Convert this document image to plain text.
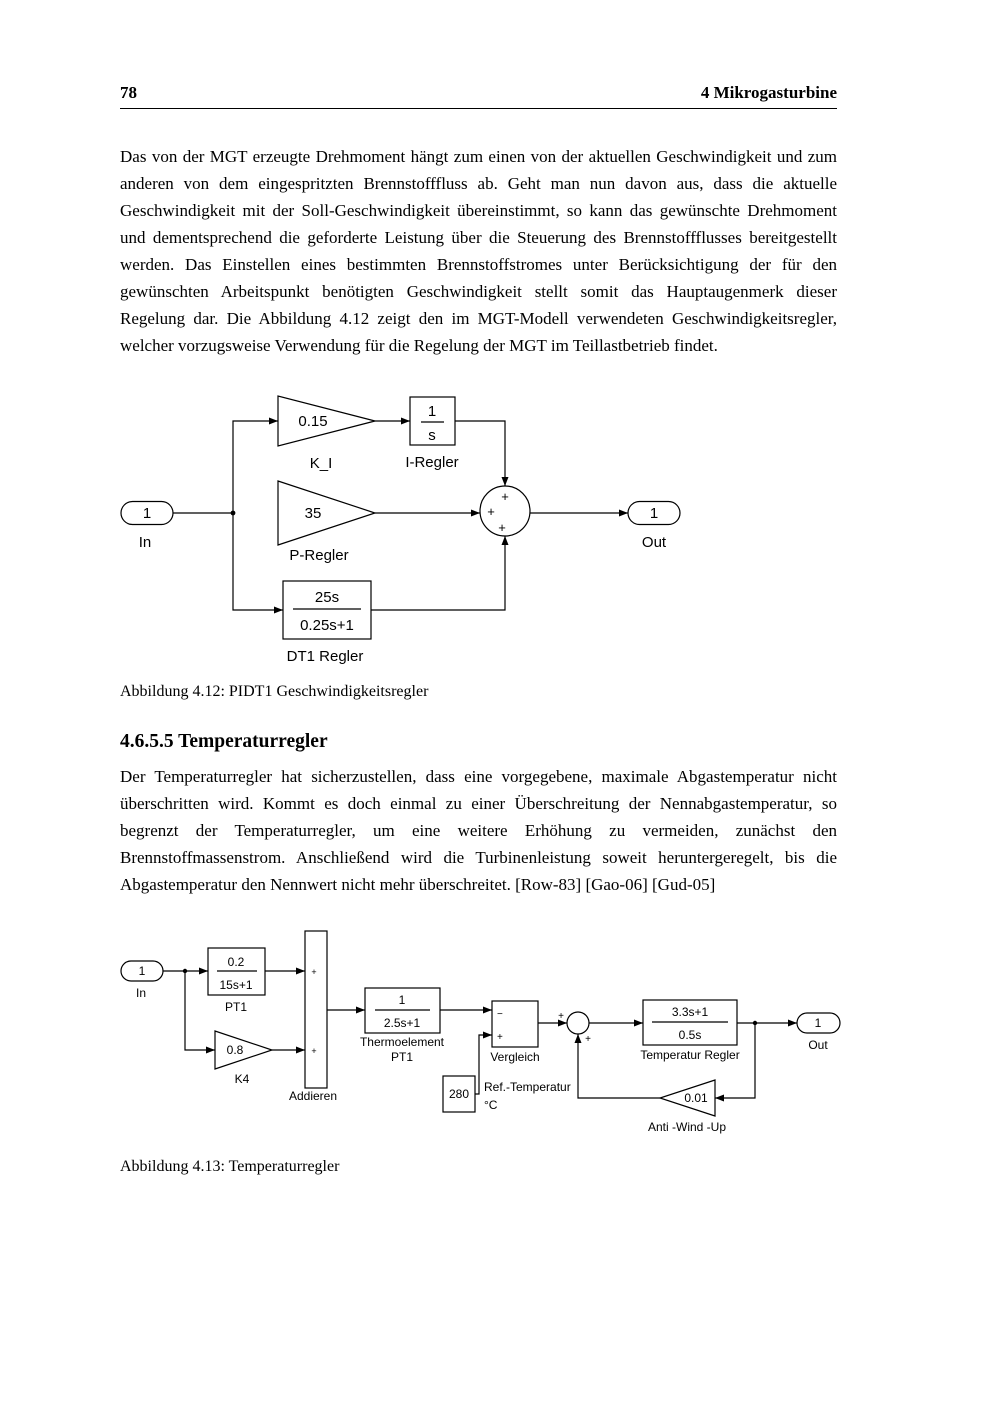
78	4 Mikrogasturbine

Das von der MGT erzeugte Drehmoment hängt zum einen von der aktuellen Geschwindigkeit und zum anderen von dem eingespritzten Brennstofffluss ab. Geht man nun davon aus, dass die aktuelle Geschwindigkeit mit der Soll-Geschwindigkeit übereinstimmt, so kann das gewünschte Drehmoment und dementsprechend die geforderte Leistung über die Steuerung des Brennstoffflusses bereitgestellt werden. Das Einstellen eines bestimmten Brennstoffstromes unter Berücksichtigung der für den gewünschten Arbeitspunkt benötigten Geschwindigkeit stellt somit das Hauptaugenmerk dieser Regelung dar. Die Abbildung 4.12 zeigt den im MGT-Modell verwendeten Geschwindigkeitsregler, welcher vorzugsweise Verwendung für die Regelung der MGT im Teillastbetrieb findet.

1
In
0.15
K_I
1
s
I-Regler
35
P-Regler
25s
0.25s+1
DT1 Regler
+
+
+
1
Out

Abbildung 4.12: PIDT1 Geschwindigkeitsregler

4.6.5.5 Temperaturregler

Der Temperaturregler hat sicherzustellen, dass eine vorgegebene, maximale Abgastemperatur nicht überschritten wird. Kommt es doch einmal zu einer Überschreitung der Nennabgastemperatur, so begrenzt der Temperaturregler, um eine weitere Erhöhung zu vermeiden, zunächst den Brennstoffmassenstrom. Anschließend wird die Turbinenleistung soweit heruntergeregelt, bis die Abgastemperatur den Nennwert nicht mehr überschreitet. [Row-83] [Gao-06] [Gud-05]

1
In
0.2
15s+1
PT1
0.8
K4
+
+
Addieren
1
2.5s+1
Thermoelement
PT1
−
+
Vergleich
280 Ref.-Temperatur
°C
+
+
3.3s+1
0.5s
Temperatur Regler
0.01
Anti -Wind -Up
1
Out

Abbildung 4.13: Temperaturregler
